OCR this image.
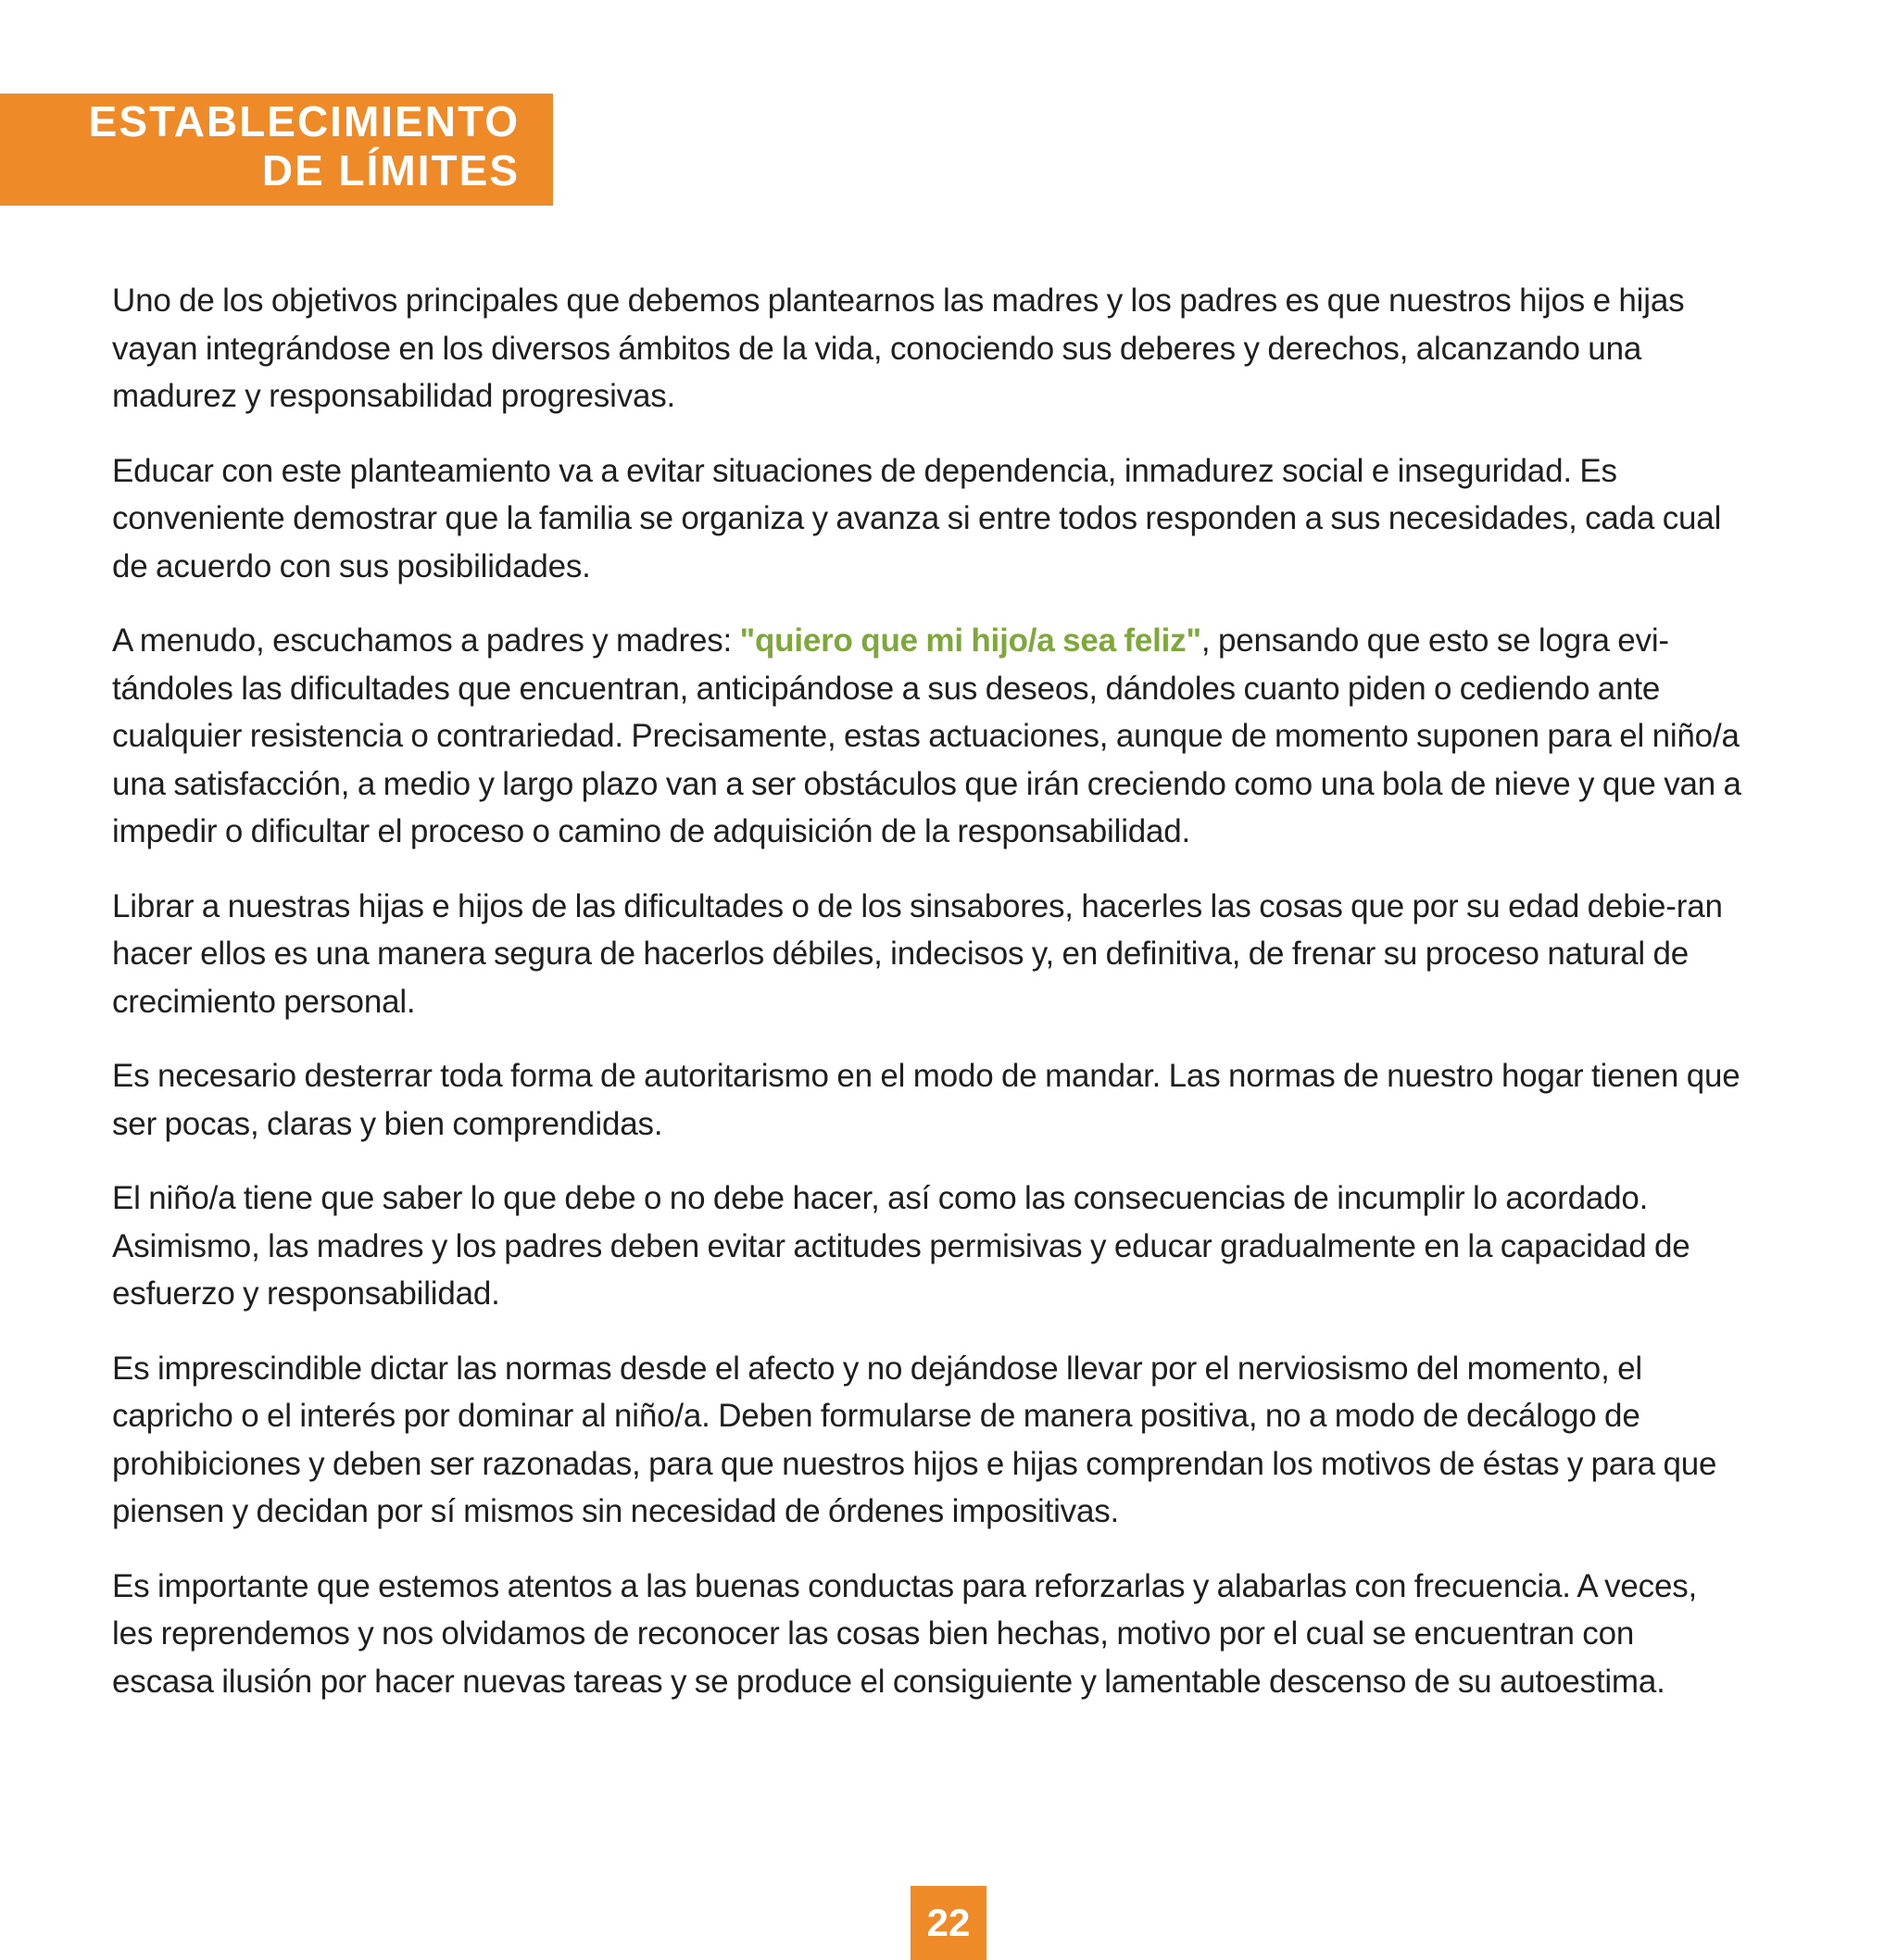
ESTABLECIMIENTO
DE LÍMITES

Uno de los objetivos principales que debemos plantearnos las madres y los padres es que nuestros hijos e hijas vayan integrándose en los diversos ámbitos de la vida, conociendo sus deberes y derechos, alcanzando una madurez y responsabilidad progresivas.

Educar con este planteamiento va a evitar situaciones de dependencia, inmadurez social e inseguridad. Es conveniente demostrar que la familia se organiza y avanza si entre todos responden a sus necesidades, cada cual de acuerdo con sus posibilidades.

A menudo, escuchamos a padres y madres: "quiero que mi hijo/a sea feliz", pensando que esto se logra evi-tándoles las dificultades que encuentran, anticipándose a sus deseos, dándoles cuanto piden o cediendo ante cualquier resistencia o contrariedad. Precisamente, estas actuaciones, aunque de momento suponen para el niño/a una satisfacción, a medio y largo plazo van a ser obstáculos que irán creciendo como una bola de nieve y que van a impedir o dificultar el proceso o camino de adquisición de la responsabilidad.

Librar a nuestras hijas e hijos de las dificultades o de los sinsabores, hacerles las cosas que por su edad debie-ran hacer ellos es una manera segura de hacerlos débiles, indecisos y, en definitiva, de frenar su proceso natural de crecimiento personal.

Es necesario desterrar toda forma de autoritarismo en el modo de mandar. Las normas de nuestro hogar tienen que ser pocas, claras y bien comprendidas.

El niño/a tiene que saber lo que debe o no debe hacer, así como las consecuencias de incumplir lo acordado. Asimismo, las madres y los padres deben evitar actitudes permisivas y educar gradualmente en la capacidad de esfuerzo y responsabilidad.

Es imprescindible dictar las normas desde el afecto y no dejándose llevar por el nerviosismo del momento, el capricho o el interés por dominar al niño/a. Deben formularse de manera positiva, no a modo de decálogo de prohibiciones y deben ser razonadas, para que nuestros hijos e hijas comprendan los motivos de éstas y para que piensen y decidan por sí mismos sin necesidad de órdenes impositivas.

Es importante que estemos atentos a las buenas conductas para reforzarlas y alabarlas con frecuencia. A veces, les reprendemos y nos olvidamos de reconocer las cosas bien hechas, motivo por el cual se encuentran con escasa ilusión por hacer nuevas tareas y se produce el consiguiente y lamentable descenso de su autoestima.

22
